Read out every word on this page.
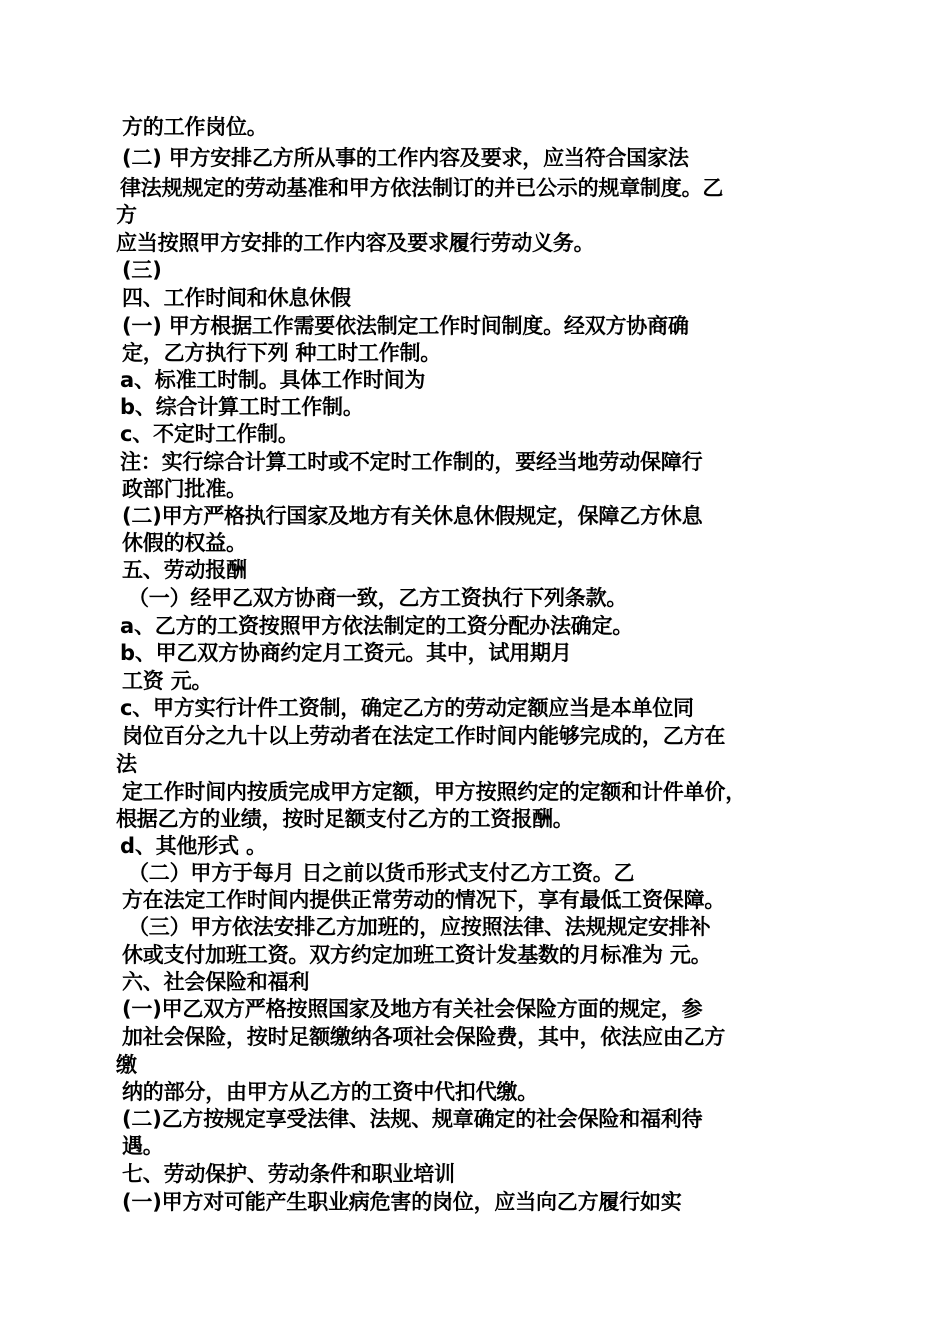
方的工作岗位。
(二) 甲方安排乙方所从事的工作内容及要求，应当符合国家法
律法规规定的劳动基准和甲方依法制订的并已公示的规章制度。乙
方
应当按照甲方安排的工作内容及要求履行劳动义务。
(三)
四、工作时间和休息休假
(一) 甲方根据工作需要依法制定工作时间制度。经双方协商确
定，乙方执行下列 种工时工作制。
a、标准工时制。具体工作时间为
b、综合计算工时工作制。
c、不定时工作制。
注：实行综合计算工时或不定时工作制的，要经当地劳动保障行
政部门批准。
(二)甲方严格执行国家及地方有关休息休假规定，保障乙方休息
休假的权益。
五、劳动报酬
（一）经甲乙双方协商一致，乙方工资执行下列条款。
a、乙方的工资按照甲方依法制定的工资分配办法确定。
b、甲乙双方协商约定月工资元。其中，试用期月
工资 元。
c、甲方实行计件工资制，确定乙方的劳动定额应当是本单位同
岗位百分之九十以上劳动者在法定工作时间内能够完成的，乙方在
法
定工作时间内按质完成甲方定额，甲方按照约定的定额和计件单价，
根据乙方的业绩，按时足额支付乙方的工资报酬。
d、其他形式 。
（二）甲方于每月 日之前以货币形式支付乙方工资。乙
方在法定工作时间内提供正常劳动的情况下，享有最低工资保障。
（三）甲方依法安排乙方加班的，应按照法律、法规规定安排补
休或支付加班工资。双方约定加班工资计发基数的月标准为 元。
六、社会保险和福利
(一)甲乙双方严格按照国家及地方有关社会保险方面的规定，参
加社会保险，按时足额缴纳各项社会保险费，其中，依法应由乙方
缴
纳的部分，由甲方从乙方的工资中代扣代缴。
(二)乙方按规定享受法律、法规、规章确定的社会保险和福利待
遇。
七、劳动保护、劳动条件和职业培训
(一)甲方对可能产生职业病危害的岗位，应当向乙方履行如实
